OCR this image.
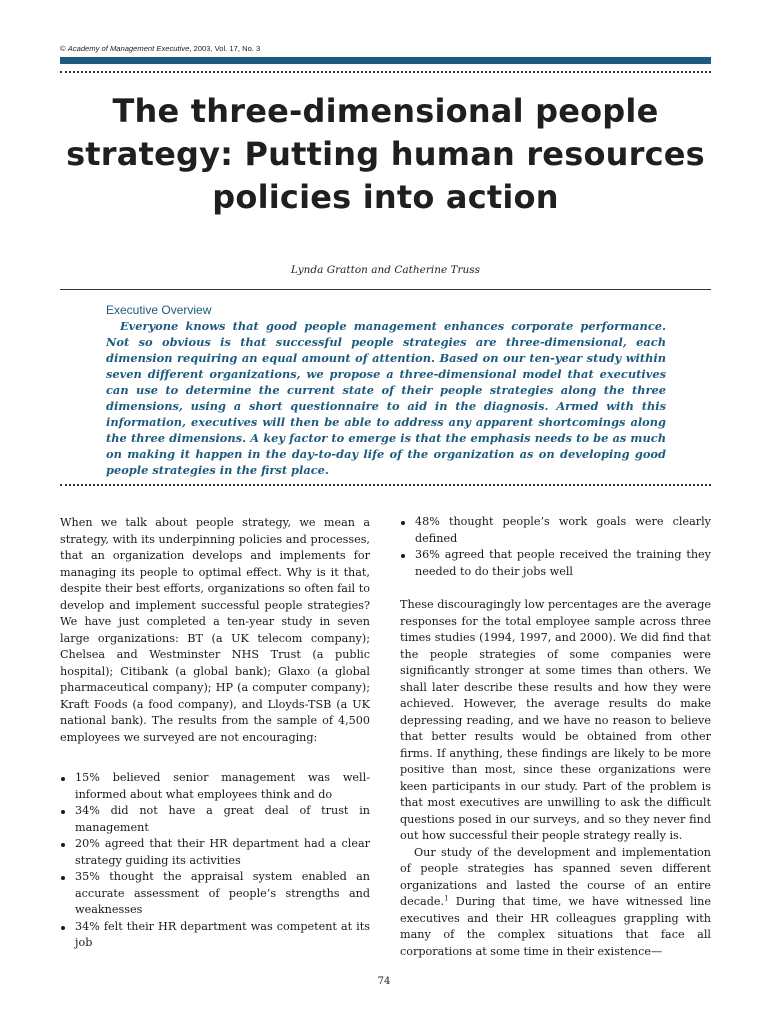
© Academy of Management Executive, 2003, Vol. 17, No. 3
The three-dimensional people strategy: Putting human resources policies into action
Lynda Gratton and Catherine Truss
Executive Overview

Everyone knows that good people management enhances corporate performance. Not so obvious is that successful people strategies are three-dimensional, each dimension requiring an equal amount of attention. Based on our ten-year study within seven different organizations, we propose a three-dimensional model that executives can use to determine the current state of their people strategies along the three dimensions, using a short questionnaire to aid in the diagnosis. Armed with this information, executives will then be able to address any apparent shortcomings along the three dimensions. A key factor to emerge is that the emphasis needs to be as much on making it happen in the day-to-day life of the organization as on developing good people strategies in the first place.

When we talk about people strategy, we mean a strategy, with its underpinning policies and processes, that an organization develops and implements for managing its people to optimal effect. Why is it that, despite their best efforts, organizations so often fail to develop and implement successful people strategies? We have just completed a ten-year study in seven large organizations: BT (a UK telecom company); Chelsea and Westminster NHS Trust (a public hospital); Citibank (a global bank); Glaxo (a global pharmaceutical company); HP (a computer company); Kraft Foods (a food company), and Lloyds-TSB (a UK national bank). The results from the sample of 4,500 employees we surveyed are not encouraging:

15% believed senior management was well-informed about what employees think and do
34% did not have a great deal of trust in management
20% agreed that their HR department had a clear strategy guiding its activities
35% thought the appraisal system enabled an accurate assessment of people’s strengths and weaknesses
34% felt their HR department was competent at its job
48% thought people’s work goals were clearly defined
36% agreed that people received the training they needed to do their jobs well

These discouragingly low percentages are the average responses for the total employee sample across three times studies (1994, 1997, and 2000). We did find that the people strategies of some companies were significantly stronger at some times than others. We shall later describe these results and how they were achieved. However, the average results do make depressing reading, and we have no reason to believe that better results would be obtained from other firms. If anything, these findings are likely to be more positive than most, since these organizations were keen participants in our study. Part of the problem is that most executives are unwilling to ask the difficult questions posed in our surveys, and so they never find out how successful their people strategy really is.

Our study of the development and implementation of people strategies has spanned seven different organizations and lasted the course of an entire decade.$^1$ During that time, we have witnessed line executives and their HR colleagues grappling with many of the complex situations that face all corporations at some time in their existence—

74
